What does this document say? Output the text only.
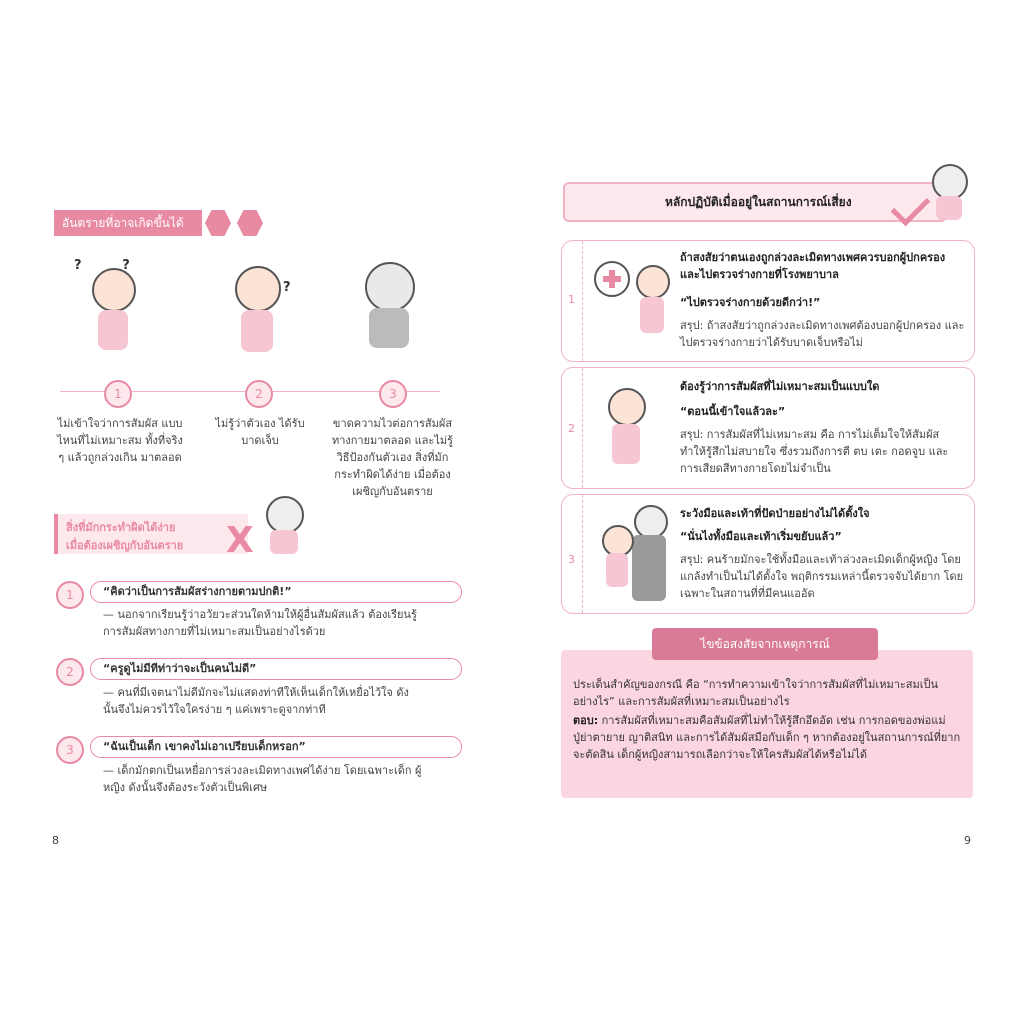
อันตรายที่อาจเกิดขึ้นได้
?         ?
?
1	2	3
ไม่เข้าใจว่าการสัมผัส แบบไหนที่ไม่เหมาะสม ทั้งที่จริง ๆ แล้วถูกล่วงเกิน มาตลอด
ไม่รู้ว่าตัวเอง ได้รับบาดเจ็บ
ขาดความไวต่อการสัมผัส ทางกายมาตลอด และไม่รู้ วิธีป้องกันตัวเอง สิ่งที่มักกระทำผิดได้ง่าย เมื่อต้องเผชิญกับอันตราย
สิ่งที่มักกระทำผิดได้ง่าย
เมื่อต้องเผชิญกับอันตราย	X
1	“คิดว่าเป็นการสัมผัสร่างกายตามปกติ!”
— นอกจากเรียนรู้ว่าอวัยวะส่วนใดห้ามให้ผู้อื่นสัมผัสแล้ว ต้องเรียนรู้การสัมผัสทางกายที่ไม่เหมาะสมเป็นอย่างไรด้วย
2	“ครูดูไม่มีทีท่าว่าจะเป็นคนไม่ดี”
— คนที่มีเจตนาไม่ดีมักจะไม่แสดงท่าทีให้เห็นเด็กให้เหยื่อไว้ใจ ดังนั้นจึงไม่ควรไว้ใจใครง่าย ๆ แค่เพราะดูจากท่าที
3	“ฉันเป็นเด็ก เขาคงไม่เอาเปรียบเด็กหรอก”
— เด็กมักตกเป็นเหยื่อการล่วงละเมิดทางเพศได้ง่าย โดยเฉพาะเด็ก ผู้หญิง ดังนั้นจึงต้องระวังตัวเป็นพิเศษ
8
หลักปฏิบัติเมื่ออยู่ในสถานการณ์เสี่ยง
1
ถ้าสงสัยว่าตนเองถูกล่วงละเมิดทางเพศควรบอกผู้ปกครอง และไปตรวจร่างกายที่โรงพยาบาล
“ไปตรวจร่างกายด้วยดีกว่า!”
สรุป: ถ้าสงสัยว่าถูกล่วงละเมิดทางเพศต้องบอกผู้ปกครอง และไปตรวจร่างกายว่าได้รับบาดเจ็บหรือไม่
2
ต้องรู้ว่าการสัมผัสที่ไม่เหมาะสมเป็นแบบใด
“ตอนนี้เข้าใจแล้วละ”
สรุป: การสัมผัสที่ไม่เหมาะสม คือ การไม่เต็มใจให้สัมผัส ทำให้รู้สึกไม่สบายใจ ซึ่งรวมถึงการตี ตบ เตะ กอดจูบ และการเสียดสีทางกายโดยไม่จำเป็น
3
ระวังมือและเท้าที่ปัดป่ายอย่างไม่ได้ตั้งใจ
“นั่นไงทั้งมือและเท้าเริ่มขยับแล้ว”
สรุป: คนร้ายมักจะใช้ทั้งมือและเท้าล่วงละเมิดเด็กผู้หญิง โดยแกล้งทำเป็นไม่ได้ตั้งใจ พฤติกรรมเหล่านี้ตรวจจับได้ยาก โดยเฉพาะในสถานที่ที่มีคนแออัด
ประเด็นสำคัญของกรณี คือ “การทำความเข้าใจว่าการสัมผัสที่ไม่เหมาะสมเป็นอย่างไร” และการสัมผัสที่เหมาะสมเป็นอย่างไร
ตอบ: การสัมผัสที่เหมาะสมคือสัมผัสที่ไม่ทำให้รู้สึกอึดอัด เช่น การกอดของพ่อแม่ ปู่ย่าตายาย ญาติสนิท และการได้สัมผัสมือกับเด็ก ๆ หากต้องอยู่ในสถานการณ์ที่ยากจะตัดสิน เด็กผู้หญิงสามารถเลือกว่าจะให้ใครสัมผัสได้หรือไม่ได้
ไขข้อสงสัยจากเหตุการณ์
9
